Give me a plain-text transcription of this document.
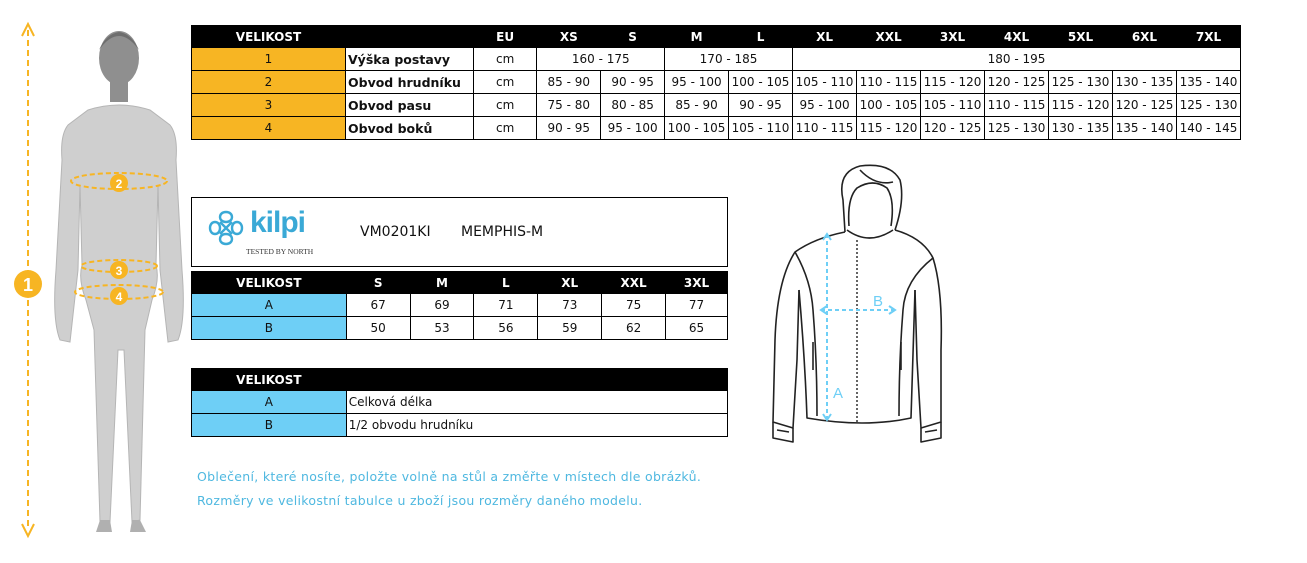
1
2
3
4
VELIKOST		EU	XS	S	M	L	XL	XXL	3XL	4XL	5XL	6XL	7XL
1	Výška postavy	cm	160 - 175		170 - 185		180 - 195						
2	Obvod hrudníku	cm	85 - 90	90 - 95	95 - 100	100 - 105	105 - 110	110 - 115	115 - 120	120 - 125	125 - 130	130 - 135	135 - 140
3	Obvod pasu	cm	75 - 80	80 - 85	85 - 90	90 - 95	95 - 100	100 - 105	105 - 110	110 - 115	115 - 120	120 - 125	125 - 130
4	Obvod boků	cm	90 - 95	95 - 100	100 - 105	105 - 110	110 - 115	115 - 120	120 - 125	125 - 130	130 - 135	135 - 140	140 - 145
kilpi
TESTED BY NORTH
VM0201KI MEMPHIS-M
VELIKOST	S	M	L	XL	XXL	3XL
A	67	69	71	73	75	77
B	50	53	56	59	62	65
VELIKOST	
A	Celková délka
B	1/2 obvodu hrudníku
B
A
Oblečení, které nosíte, položte volně na stůl a změřte v místech dle obrázků.
Rozměry ve velikostní tabulce u zboží jsou rozměry daného modelu.
